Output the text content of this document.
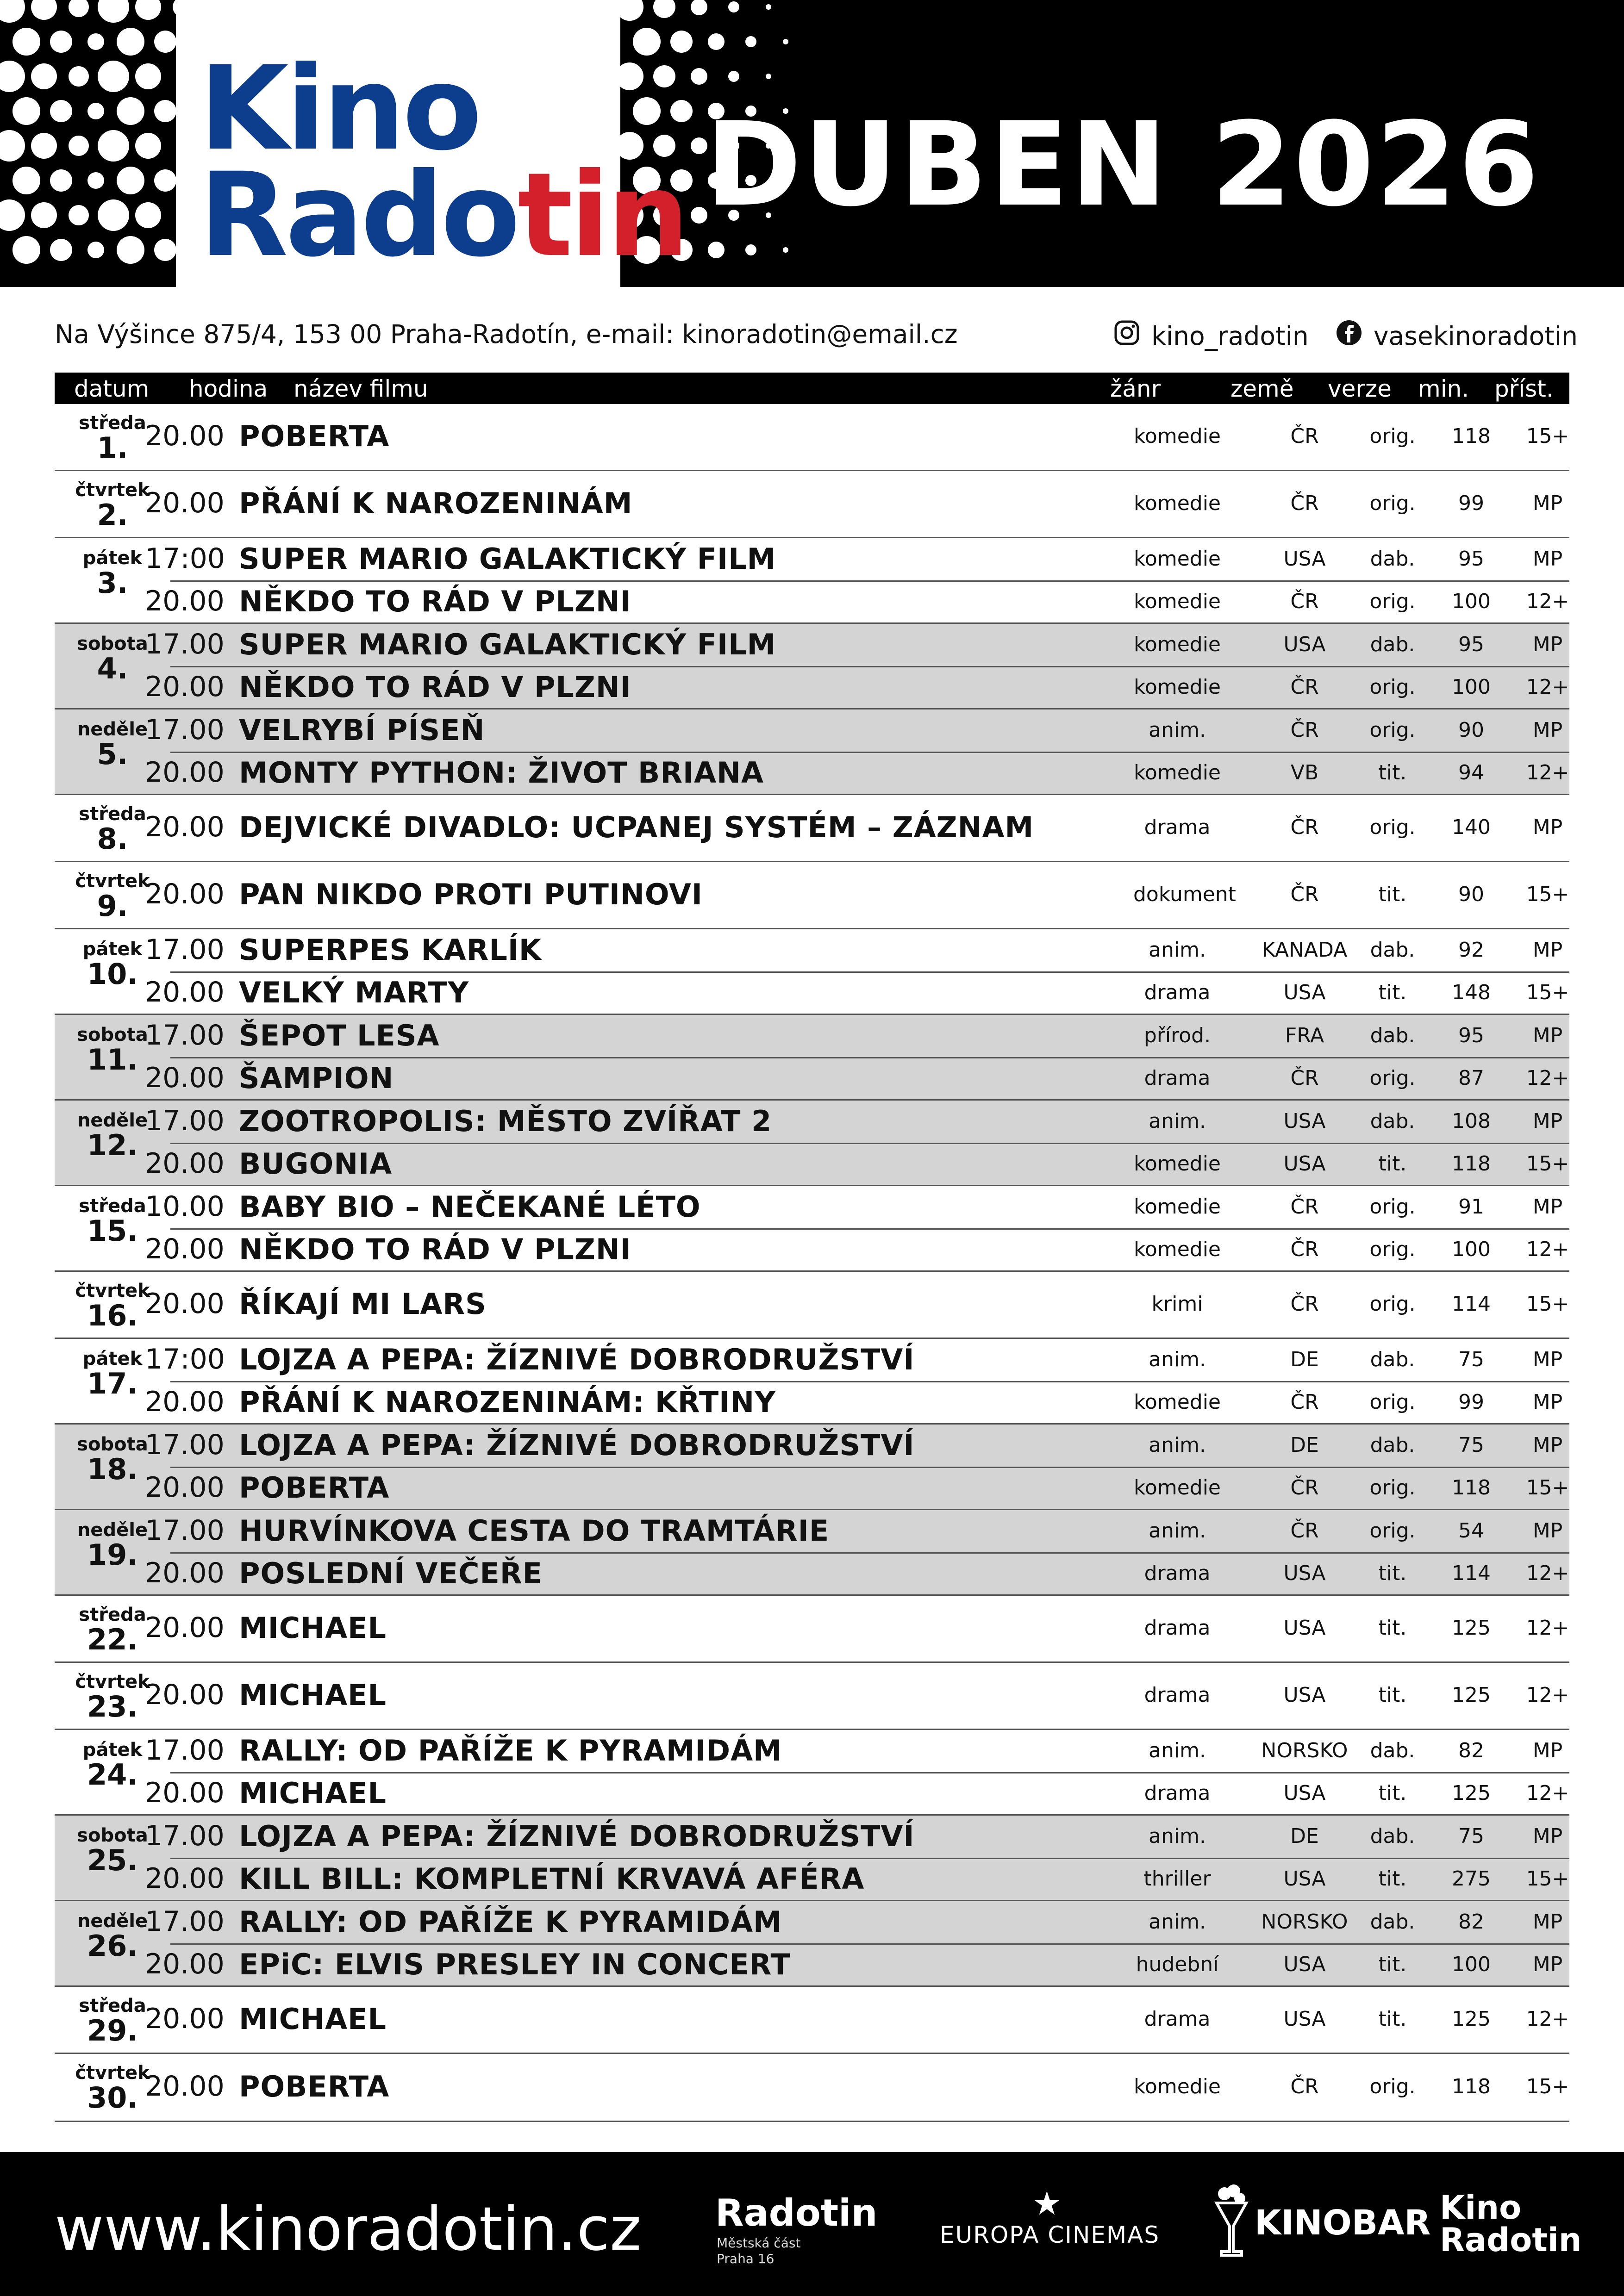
Kino
Radotin DUBEN 2026
Na Výšince 875/4, 153 00 Praha-Radotín, e-mail: kinoradotin@email.cz	kino_radotin	vasekinoradotin
datum hodina název filmu	žánr	země verze min. příst.
středa
1. 20.00 POBERTA	komedie	ČR	orig.	118	15+
čtvrtek
2. 20.00 PŘÁNÍ K NAROZENINÁM	komedie	ČR	orig.	99	MP
pátek
3.
17:00 SUPER MARIO GALAKTICKÝ FILM	komedie	USA	dab.	95	MP
20.00 NĚKDO TO RÁD V PLZNI	komedie	ČR	orig.	100	12+
sobota
4.
17.00 SUPER MARIO GALAKTICKÝ FILM	komedie	USA	dab.	95	MP
20.00 NĚKDO TO RÁD V PLZNI	komedie	ČR	orig.	100	12+
neděle
5.
17.00 VELRYBÍ PÍSEŇ	anim.	ČR	orig.	90	MP
20.00 MONTY PYTHON: ŽIVOT BRIANA	komedie	VB	tit.	94	12+
středa
8. 20.00 DEJVICKÉ DIVADLO: UCPANEJ SYSTÉM – ZÁZNAM	drama	ČR	orig.	140	MP
čtvrtek
9. 20.00 PAN NIKDO PROTI PUTINOVI	dokument	ČR	tit.	90	15+
pátek
10.
17.00 SUPERPES KARLÍK	anim.	KANADA	dab.	92	MP
20.00 VELKÝ MARTY	drama	USA	tit.	148	15+
sobota
11.
17.00 ŠEPOT LESA	přírod.	FRA	dab.	95	MP
20.00 ŠAMPION	drama	ČR	orig.	87	12+
neděle
12.
17.00 ZOOTROPOLIS: MĚSTO ZVÍŘAT 2	anim.	USA	dab.	108	MP
20.00 BUGONIA	komedie	USA	tit.	118	15+
středa
15.
10.00 BABY BIO – NEČEKANÉ LÉTO	komedie	ČR	orig.	91	MP
20.00 NĚKDO TO RÁD V PLZNI	komedie	ČR	orig.	100	12+
čtvrtek
16. 20.00 ŘÍKAJÍ MI LARS	krimi	ČR	orig.	114	15+
pátek
17.
17:00 LOJZA A PEPA: ŽÍZNIVÉ DOBRODRUŽSTVÍ	anim.	DE	dab.	75	MP
20.00 PŘÁNÍ K NAROZENINÁM: KŘTINY	komedie	ČR	orig.	99	MP
sobota
18.
17.00 LOJZA A PEPA: ŽÍZNIVÉ DOBRODRUŽSTVÍ	anim.	DE	dab.	75	MP
20.00 POBERTA	komedie	ČR	orig.	118	15+
neděle
19.
17.00 HURVÍNKOVA CESTA DO TRAMTÁRIE	anim.	ČR	orig.	54	MP
20.00 POSLEDNÍ VEČEŘE	drama	USA	tit.	114	12+
středa
22. 20.00 MICHAEL	drama	USA	tit.	125	12+
čtvrtek
23. 20.00 MICHAEL	drama	USA	tit.	125	12+
pátek
24.
17.00 RALLY: OD PAŘÍŽE K PYRAMIDÁM	anim.	NORSKO	dab.	82	MP
20.00 MICHAEL	drama	USA	tit.	125	12+
sobota
25.
17.00 LOJZA A PEPA: ŽÍZNIVÉ DOBRODRUŽSTVÍ	anim.	DE	dab.	75	MP
20.00 KILL BILL: KOMPLETNÍ KRVAVÁ AFÉRA	thriller	USA	tit.	275	15+
neděle
26.
17.00 RALLY: OD PAŘÍŽE K PYRAMIDÁM	anim.	NORSKO	dab.	82	MP
20.00 EPiC: ELVIS PRESLEY IN CONCERT	hudební	USA	tit.	100	MP
středa
29. 20.00 MICHAEL	drama	USA	tit.	125	12+
čtvrtek
30. 20.00 POBERTA	komedie	ČR	orig.	118	15+
www.kinoradotin.cz Radotin
Městská část
Praha 16
★
EUROPA CINEMAS	KINOBAR Kino
Radotin
